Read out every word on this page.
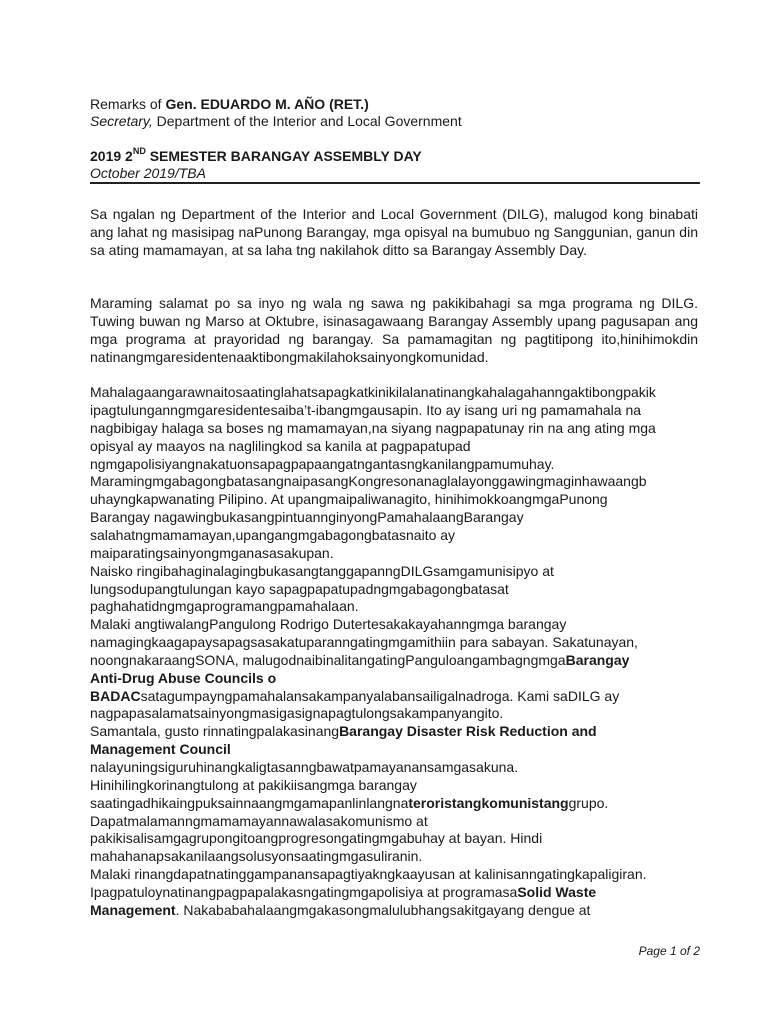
Remarks of Gen. EDUARDO M. AÑO (RET.)
Secretary, Department of the Interior and Local Government
2019 2ND SEMESTER BARANGAY ASSEMBLY DAY
October 2019/TBA

Sa ngalan ng Department of the Interior and Local Government (DILG), malugod kong binabati ang lahat ng masisipag naPunong Barangay, mga opisyal na bumubuo ng Sanggunian, ganun din sa ating mamamayan, at sa laha tng nakilahok ditto sa Barangay Assembly Day.

Maraming salamat po sa inyo ng wala ng sawa ng pakikibahagi sa mga programa ng DILG. Tuwing buwan ng Marso at Oktubre, isinasagawaang Barangay Assembly upang pagusapan ang mga programa at prayoridad ng barangay. Sa pamamagitan ng pagtitipong ito,hinihimokdin natinangmgaresidentenaaktibongmakilahoksainyongkomunidad.

Mahalagaangarawnaitosaatinglahatsapagkatkinikilalanatinangkahalagahanngaktibongpakik
ipagtulunganngmgaresidentesaiba’t-ibangmgausapin. Ito ay isang uri ng pamamahala na
nagbibigay halaga sa boses ng mamamayan,na siyang nagpapatunay rin na ang ating mga
opisyal ay maayos na naglilingkod sa kanila at pagpapatupad
ngmgapolisiyangnakatuonsapagpapaangatngantasngkanilangpamumuhay.
Maramingmgabagongbatasangnaipasang​Kongresonanaglalayonggawingmaginhawaangb
uhayngkapwanating Pilipino. At upangmaipaliwanagito, hinihimokkoangmgaPunong
Barangay nagawingbukasangpintuannginyongPamahalaangBarangay
salahatngmamamayan,upangangmgabagongbatasnaito ay
maiparatingsainyongmganasasakupan.
Naisko ringibahaginalagingbukasangtanggapanngDILGsamgamunisipyo at
lungsodupangtulungan kayo sapagpapatupadngmgabagongbatasat
paghahatidngmgaprogramangpamahalaan.
Malaki angtiwalangPangulong Rodrigo Dutertesakakayahanngmga barangay
namagingkaagapaysapagsasakatuparanngatingmgamithiin para sabayan. Sakatunayan,
noongnakaraangSONA, malugodnaibinalitangatingPanguloangambagngmgaBarangay
Anti-Drug Abuse Councils o
BADACsatagumpayngpamahalansakampanyalabansailigalnadroga. Kami saDILG ay
nagpapasalamatsainyongmasigasignapagtulongsakampanyangito.
Samantala, gusto rinnatingpalakasinangBarangay Disaster Risk Reduction and
Management Council
nalayuningsiguruhinangkaligtasanngbawatpamayanansamgasakuna.
Hinihilingkorinangtulong at pakikiisangmga barangay
saatingadhikaingpuksainnaangmgamapanlinlangnateroristangkomunistanggrupo.
Dapatmalamanngmamamayannawalasakomunismo at
pakikisalisamgagrupongitoangprogresongatingmgabuhay at bayan. Hindi
mahahanapsakanilaangsolusyonsaatingmgasuliranin.
Malaki rinangdapatnatinggampanansapagtiyakngkaayusan at kalinisanngatingkapaligiran.
Ipagpatuloynatinangpagpapalakasngatingmgapolisiya at programasaSolid Waste
Management. Nakababahalaangmgakasongmalulubhangsakitgayang dengue at
Page 1 of 2
